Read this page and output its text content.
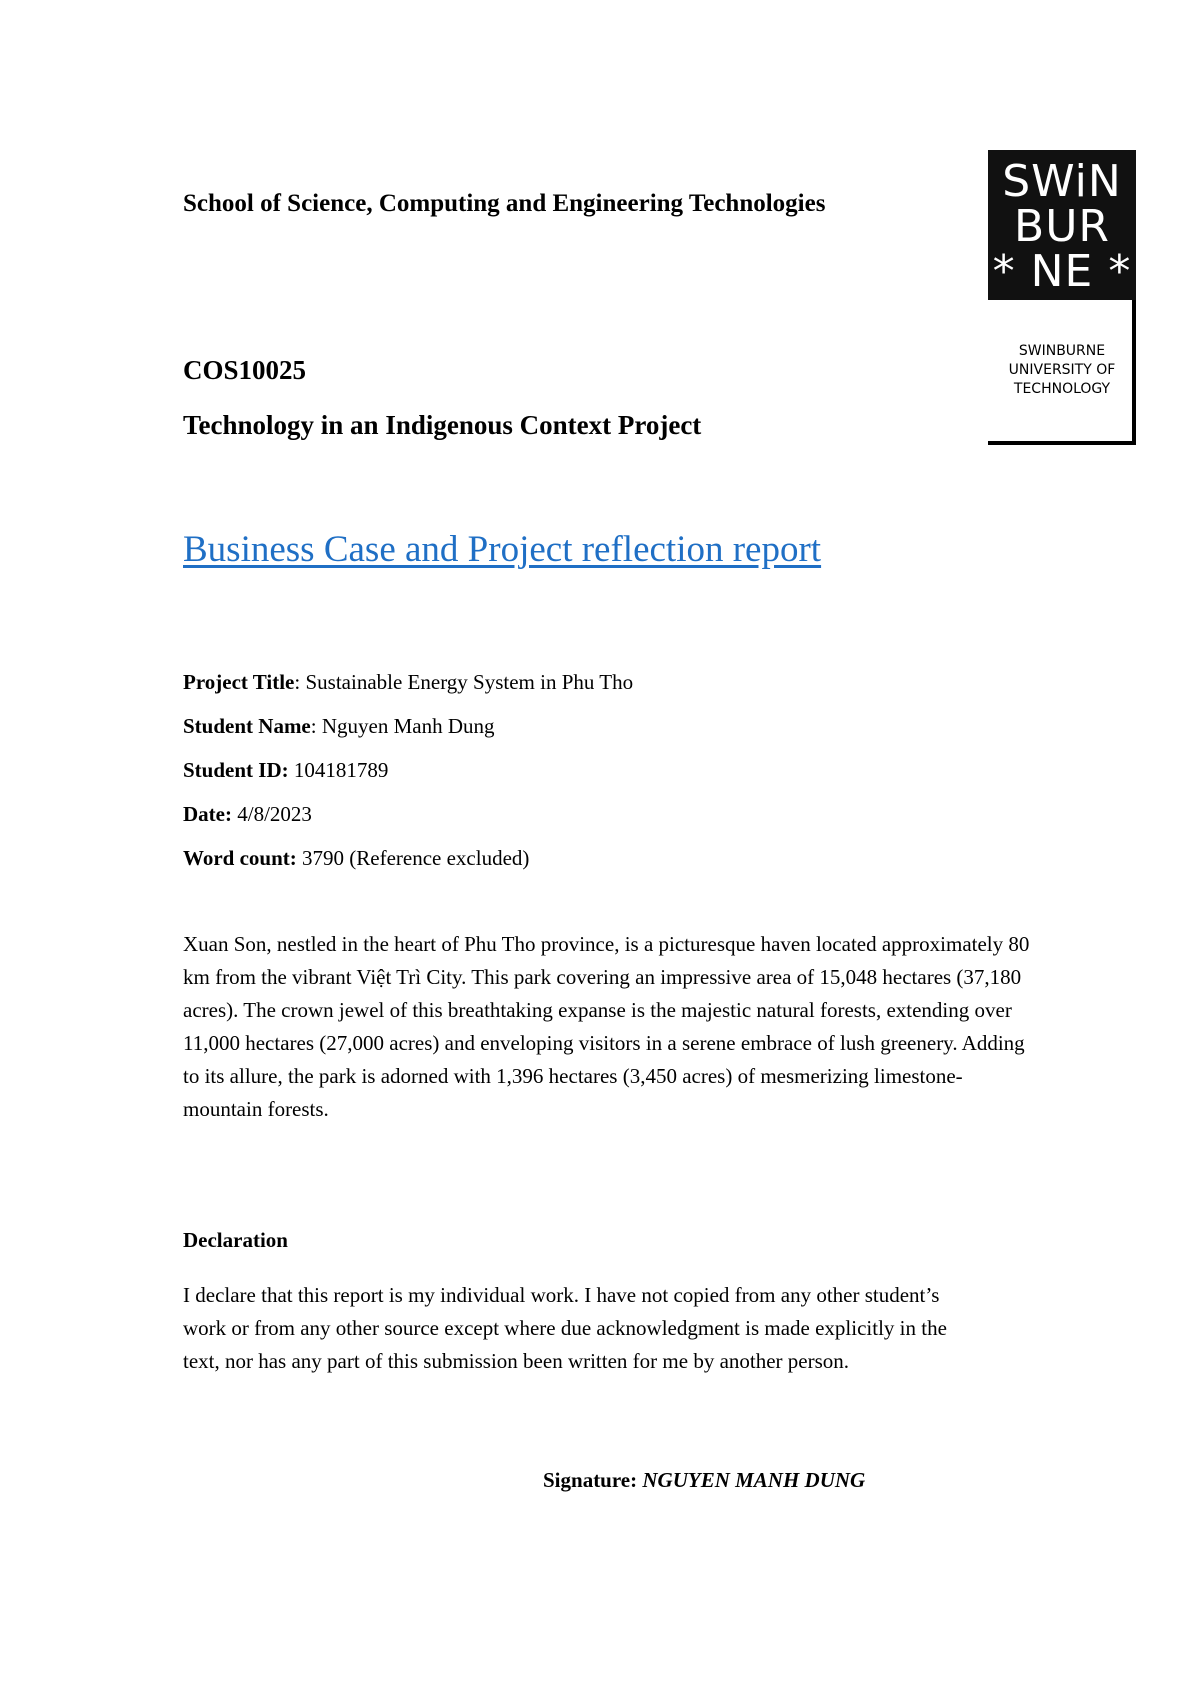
School of Science, Computing and Engineering Technologies	SWiN
BUR
* NE *
SWINBURNE
UNIVERSITY OF
TECHNOLOGY
COS10025
Technology in an Indigenous Context Project
Business Case and Project reflection report
Project Title: Sustainable Energy System in Phu Tho
Student Name: Nguyen Manh Dung
Student ID: 104181789
Date: 4/8/2023
Word count: 3790 (Reference excluded)

Xuan Son, nestled in the heart of Phu Tho province, is a picturesque haven located approximately 80 km from the vibrant Việt Trì City. This park covering an impressive area of 15,048 hectares (37,180 acres). The crown jewel of this breathtaking expanse is the majestic natural forests, extending over 11,000 hectares (27,000 acres) and enveloping visitors in a serene embrace of lush greenery. Adding to its allure, the park is adorned with 1,396 hectares (3,450 acres) of mesmerizing limestone-mountain forests.

Declaration

I declare that this report is my individual work. I have not copied from any other student’s work or from any other source except where due acknowledgment is made explicitly in the text, nor has any part of this submission been written for me by another person.

Signature: NGUYEN MANH DUNG
